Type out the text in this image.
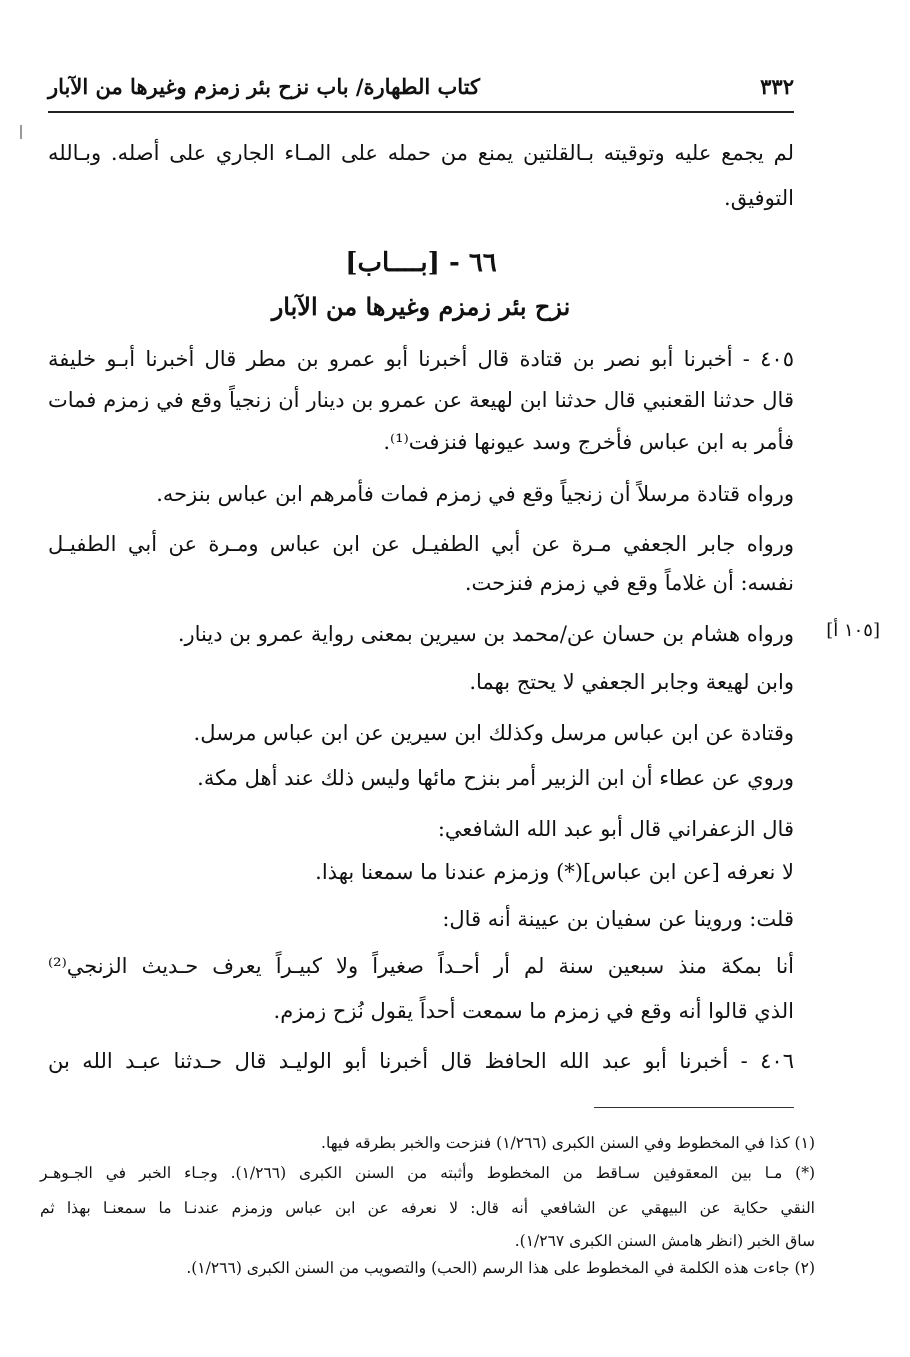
٣٣٢
كتاب الطهارة/ باب نزح بئر زمزم وغيرها من الآبار
لم يجمع عليه وتوقيته بـالقلتين يمنع من حمله على المـاء الجاري على أصله. وبـالله
التوفيق.
٦٦ - [بــــاب]
نزح بئر زمزم وغيرها من الآبار
٤٠٥ - أخبرنا أبو نصر بن قتادة قال أخبرنا أبو عمرو بن مطر قال أخبرنا أبـو خليفة
قال حدثنا القعنبي قال حدثنا ابن لهيعة عن عمرو بن دينار أن زنجياً وقع في زمزم فمات
فأمر به ابن عباس فأخرج وسد عيونها فنزفت⁽¹⁾.
ورواه قتادة مرسلاً أن زنجياً وقع في زمزم فمات فأمرهم ابن عباس بنزحه.
ورواه جابر الجعفي مـرة عن أبي الطفيـل عن ابن عباس ومـرة عن أبي الطفيـل
نفسه: أن غلاماً وقع في زمزم فنزحت.
ورواه هشام بن حسان عن/محمد بن سيرين بمعنى رواية عمرو بن دينار.
وابن لهيعة وجابر الجعفي لا يحتج بهما.
وقتادة عن ابن عباس مرسل وكذلك ابن سيرين عن ابن عباس مرسل.
وروي عن عطاء أن ابن الزبير أمر بنزح مائها وليس ذلك عند أهل مكة.
قال الزعفراني قال أبو عبد الله الشافعي:
لا نعرفه [عن ابن عباس](*) وزمزم عندنا ما سمعنا بهذا.
قلت: وروينا عن سفيان بن عيينة أنه قال:
أنا بمكة منذ سبعين سنة لم أر أحـداً صغيراً ولا كبيـراً يعرف حـديث الزنجي⁽²⁾
الذي قالوا أنه وقع في زمزم ما سمعت أحداً يقول نُزح زمزم.
٤٠٦ - أخبرنا أبو عبد الله الحافظ قال أخبرنا أبو الوليـد قال حـدثنا عبـد الله بن
[١٠٥ أ]
(١) كذا في المخطوط وفي السنن الكبرى (١/٢٦٦) فنزحت والخبر بطرقه فيها.
(*) مـا بين المعقوفين سـاقط من المخطوط وأثبته من السنن الكبرى (١/٢٦٦). وجـاء الخبر في الجـوهـر
النقي حكاية عن البيهقي عن الشافعي أنه قال: لا نعرفه عن ابن عباس وزمزم عندنـا ما سمعنـا بهذا ثم
ساق الخبر (انظر هامش السنن الكبرى ١/٢٦٧).
(٢) جاءت هذه الكلمة في المخطوط على هذا الرسم (الحب) والتصويب من السنن الكبرى (١/٢٦٦).
